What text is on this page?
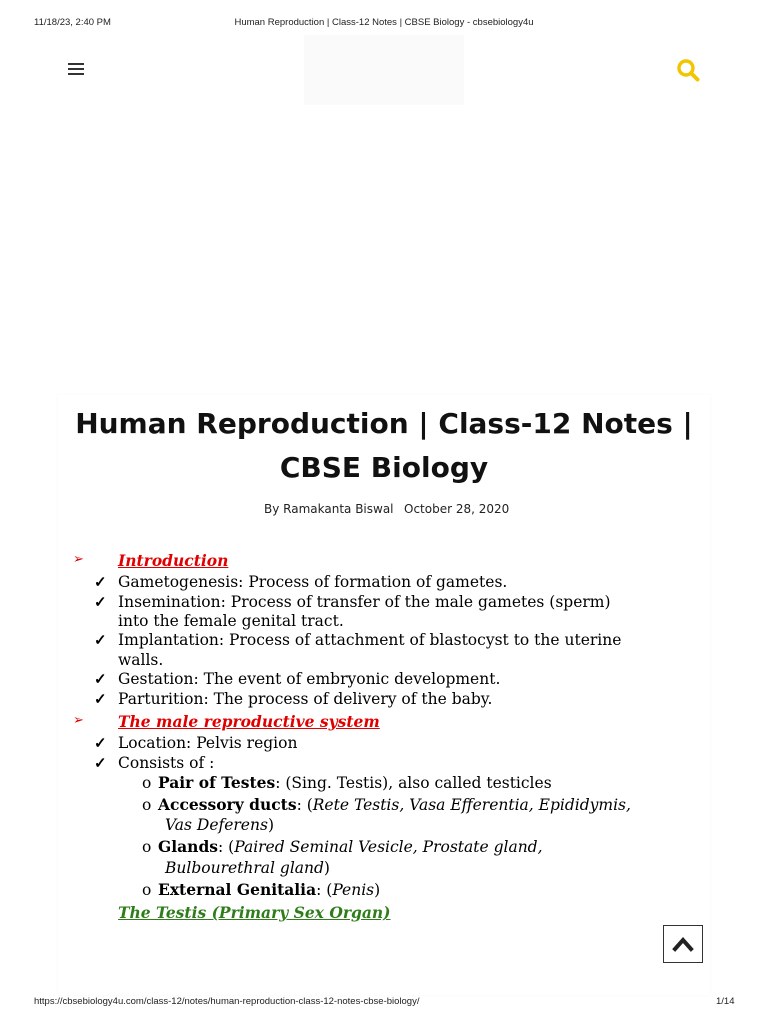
11/18/23, 2:40 PM	Human Reproduction | Class-12 Notes | CBSE Biology - cbsebiology4u
Human Reproduction | Class-12 Notes |
CBSE Biology
By Ramakanta Biswal October 28, 2020
➢ Introduction
✓ Gametogenesis: Process of formation of gametes.
✓ Insemination: Process of transfer of the male gametes (sperm)
into the female genital tract.
✓ Implantation: Process of attachment of blastocyst to the uterine
walls.
✓ Gestation: The event of embryonic development.
✓ Parturition: The process of delivery of the baby.
➢ The male reproductive system
✓ Location: Pelvis region
✓ Consists of :
o Pair of Testes: (Sing. Testis), also called testicles
o Accessory ducts: (Rete Testis, Vasa Efferentia, Epididymis,
Vas Deferens)
o Glands: (Paired Seminal Vesicle, Prostate gland,
Bulbourethral gland)
o External Genitalia: (Penis)
The Testis (Primary Sex Organ)
https://cbsebiology4u.com/class-12/notes/human-reproduction-class-12-notes-cbse-biology/	1/14
